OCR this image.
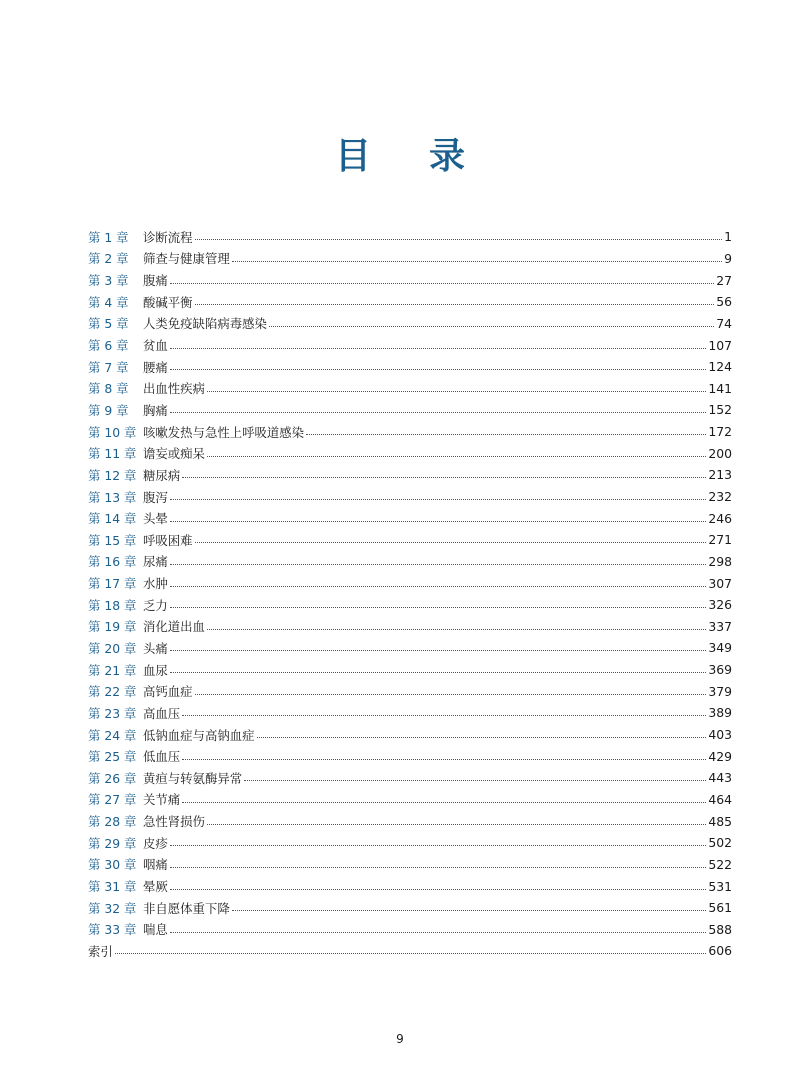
目 录
第 1 章	诊断流程	1
第 2 章	筛查与健康管理	9
第 3 章	腹痛	27
第 4 章	酸碱平衡	56
第 5 章	人类免疫缺陷病毒感染	74
第 6 章	贫血	107
第 7 章	腰痛	124
第 8 章	出血性疾病	141
第 9 章	胸痛	152
第 10 章 咳嗽发热与急性上呼吸道感染	172
第 11 章 谵妄或痴呆	200
第 12 章 糖尿病	213
第 13 章 腹泻	232
第 14 章 头晕	246
第 15 章 呼吸困难	271
第 16 章 尿痛	298
第 17 章 水肿	307
第 18 章 乏力	326
第 19 章 消化道出血	337
第 20 章 头痛	349
第 21 章 血尿	369
第 22 章 高钙血症	379
第 23 章 高血压	389
第 24 章 低钠血症与高钠血症	403
第 25 章 低血压	429
第 26 章 黄疸与转氨酶异常	443
第 27 章 关节痛	464
第 28 章 急性肾损伤	485
第 29 章 皮疹	502
第 30 章 咽痛	522
第 31 章 晕厥	531
第 32 章 非自愿体重下降	561
第 33 章 喘息	588
索引	606
9
